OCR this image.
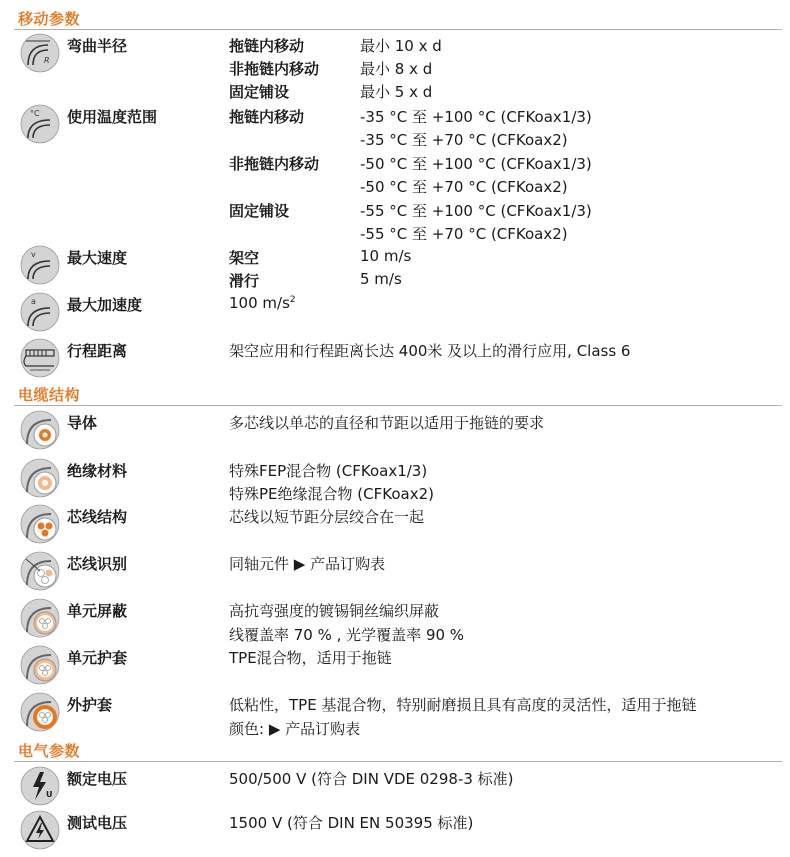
移动参数
R
弯曲半径	拖链内移动	最小 10 x d
非拖链内移动	最小 8 x d
固定铺设	最小 5 x d
°C 使用温度范围	拖链内移动	-35 °C 至 +100 °C (CFKoax1/3)
-35 °C 至 +70 °C (CFKoax2)
非拖链内移动	-50 °C 至 +100 °C (CFKoax1/3)
-50 °C 至 +70 °C (CFKoax2)
固定铺设	-55 °C 至 +100 °C (CFKoax1/3)
-55 °C 至 +70 °C (CFKoax2)
v 最大速度	架空	10 m/s
滑行	5 m/s
a 最大加速度	100 $m/s^2$
行程距离	架空应用和行程距离长达 400米 及以上的滑行应用, Class 6
电缆结构
导体	多芯线以单芯的直径和节距以适用于拖链的要求
绝缘材料	特殊FEP混合物 (CFKoax1/3)
特殊PE绝缘混合物 (CFKoax2)
芯线结构	芯线以短节距分层绞合在一起
芯线识别	同轴元件 ▶ 产品订购表
单元屏蔽	高抗弯强度的镀锡铜丝编织屏蔽
线覆盖率 70 % , 光学覆盖率 90 %
单元护套	TPE混合物，适用于拖链
外护套	低粘性，TPE 基混合物，特别耐磨损且具有高度的灵活性，适用于拖链
颜色: ▶ 产品订购表
电气参数
U
额定电压	500/500 V (符合 DIN VDE 0298-3 标准)
测试电压	1500 V (符合 DIN EN 50395 标准)
